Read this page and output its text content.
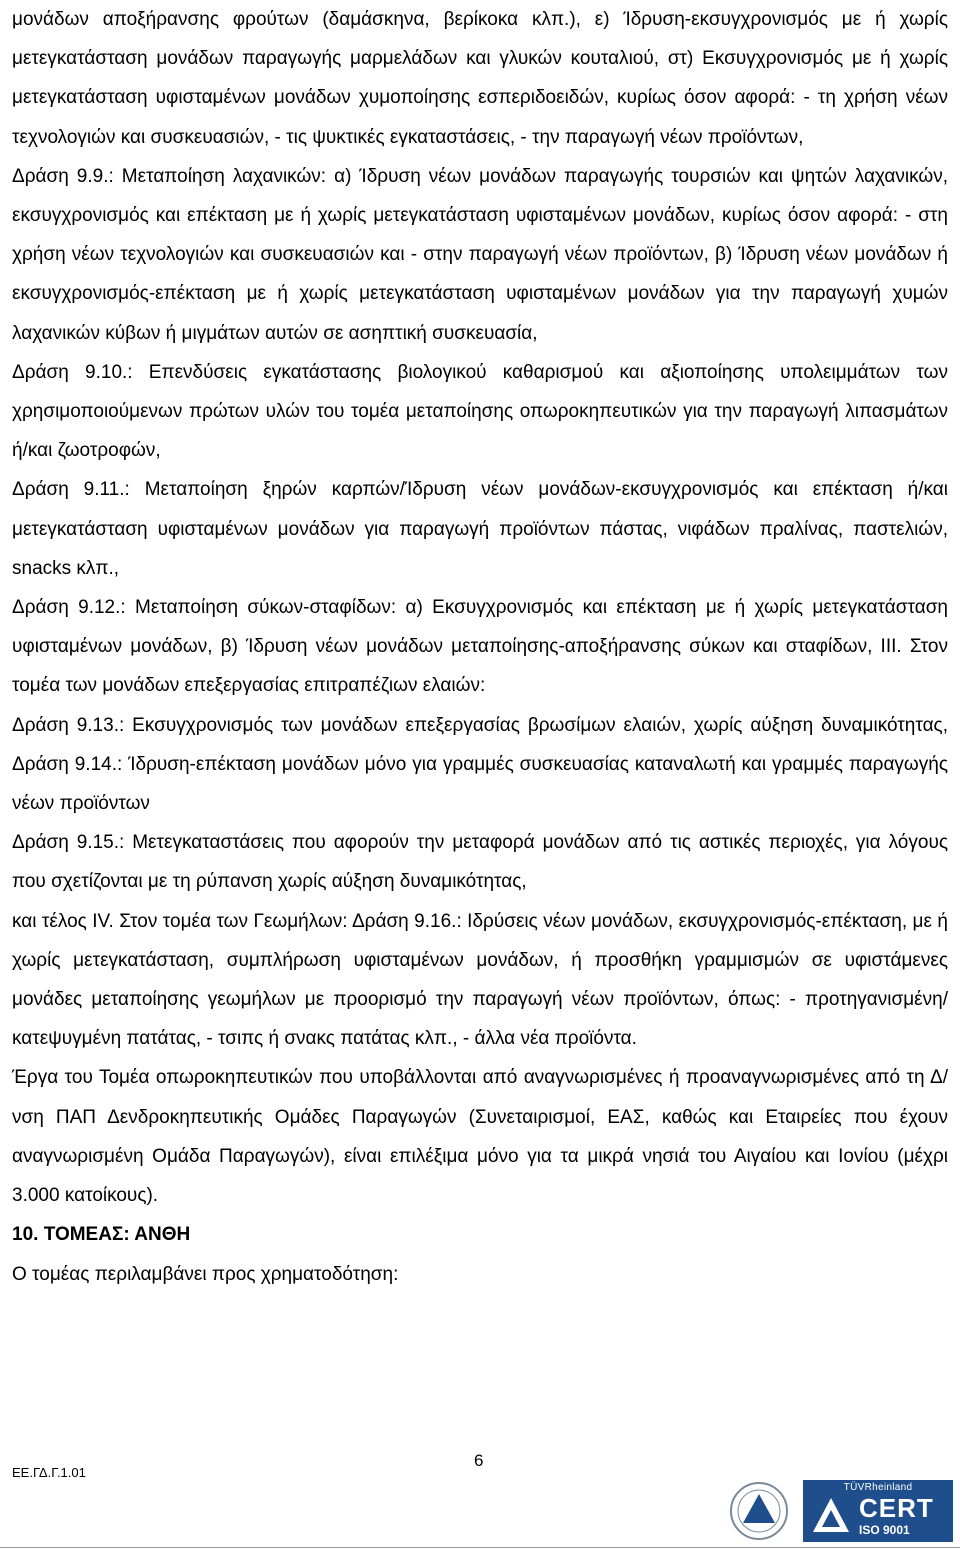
μονάδων αποξήρανσης φρούτων (δαμάσκηνα, βερίκοκα κλπ.), ε) Ίδρυση-εκσυγχρονισμός με ή χωρίς μετεγκατάσταση μονάδων παραγωγής μαρμελάδων και γλυκών κουταλιού, στ) Εκσυγχρονισμός με ή χωρίς μετεγκατάσταση υφισταμένων μονάδων χυμοποίησης εσπεριδοειδών, κυρίως όσον αφορά: - τη χρήση νέων τεχνολογιών και συσκευασιών, - τις ψυκτικές εγκαταστάσεις, - την παραγωγή νέων προϊόντων,

Δράση 9.9.: Μεταποίηση λαχανικών: α) Ίδρυση νέων μονάδων παραγωγής τουρσιών και ψητών λαχανικών, εκσυγχρονισμός και επέκταση με ή χωρίς μετεγκατάσταση υφισταμένων μονάδων, κυρίως όσον αφορά: - στη χρήση νέων τεχνολογιών και συσκευασιών και - στην παραγωγή νέων προϊόντων, β) Ίδρυση νέων μονάδων ή εκσυγχρονισμός-επέκταση με ή χωρίς μετεγκατάσταση υφισταμένων μονάδων για την παραγωγή χυμών λαχανικών κύβων ή μιγμάτων αυτών σε ασηπτική συσκευασία,

Δράση 9.10.: Επενδύσεις εγκατάστασης βιολογικού καθαρισμού και αξιοποίησης υπολειμμάτων των χρησιμοποιούμενων πρώτων υλών του τομέα μεταποίησης οπωροκηπευτικών για την παραγωγή λιπασμάτων ή/και ζωοτροφών,

Δράση 9.11.: Μεταποίηση ξηρών καρπών/Ίδρυση νέων μονάδων-εκσυγχρονισμός και επέκταση ή/και μετεγκατάσταση υφισταμένων μονάδων για παραγωγή προϊόντων πάστας, νιφάδων πραλίνας, παστελιών, snacks κλπ.,

Δράση 9.12.: Μεταποίηση σύκων-σταφίδων: α) Εκσυγχρονισμός και επέκταση με ή χωρίς μετεγκατάσταση υφισταμένων μονάδων, β) Ίδρυση νέων μονάδων μεταποίησης-αποξήρανσης σύκων και σταφίδων, III. Στον τομέα των μονάδων επεξεργασίας επιτραπέζιων ελαιών:

Δράση 9.13.: Εκσυγχρονισμός των μονάδων επεξεργασίας βρωσίμων ελαιών, χωρίς αύξηση δυναμικότητας, Δράση 9.14.: Ίδρυση-επέκταση μονάδων μόνο για γραμμές συσκευασίας καταναλωτή και γραμμές παραγωγής νέων προϊόντων

Δράση 9.15.: Μετεγκαταστάσεις που αφορούν την μεταφορά μονάδων από τις αστικές περιοχές, για λόγους που σχετίζονται με τη ρύπανση χωρίς αύξηση δυναμικότητας,

και τέλος IV. Στον τομέα των Γεωμήλων: Δράση 9.16.: Ιδρύσεις νέων μονάδων, εκσυγχρονισμός-επέκταση, με ή χωρίς μετεγκατάσταση, συμπλήρωση υφισταμένων μονάδων, ή προσθήκη γραμμισμών σε υφιστάμενες μονάδες μεταποίησης γεωμήλων με προορισμό την παραγωγή νέων προϊόντων, όπως: - προτηγανισμένη/κατεψυγμένη πατάτας, - τσιπς ή σνακς πατάτας κλπ., - άλλα νέα προϊόντα.

Έργα του Τομέα οπωροκηπευτικών που υποβάλλονται από αναγνωρισμένες ή προαναγνωρισμένες από τη Δ/νση ΠΑΠ Δενδροκηπευτικής Ομάδες Παραγωγών (Συνεταιρισμοί, ΕΑΣ, καθώς και Εταιρείες που έχουν αναγνωρισμένη Ομάδα Παραγωγών), είναι επιλέξιμα μόνο για τα μικρά νησιά του Αιγαίου και Ιονίου (μέχρι 3.000 κατοίκους).

10. ΤΟΜΕΑΣ: ΑΝΘΗ

Ο τομέας περιλαμβάνει προς χρηματοδότηση:

6
ΕΕ.ΓΔ.Γ.1.01
TÜVRheinland
CERT
ISO 9001
